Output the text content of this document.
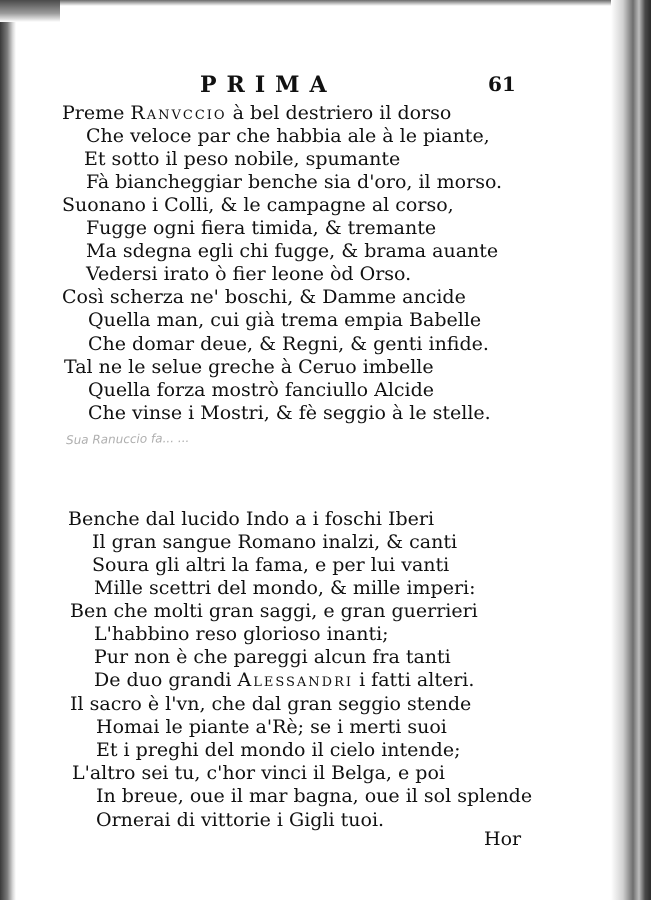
PRIMA	61
Preme Ranvccio à bel destriero il dorso
Che veloce par che habbia ale à le piante,
Et sotto il peso nobile, spumante
Fà biancheggiar benche sia d'oro, il morso.
Suonano i Colli, & le campagne al corso,
Fugge ogni fiera timida, & tremante
Ma sdegna egli chi fugge, & brama auante
Vedersi irato ò fier leone òd Orso.
Così scherza ne' boschi, & Damme ancide
Quella man, cui già trema empia Babelle
Che domar deue, & Regni, & genti infide.
Tal ne le selue greche à Ceruo imbelle
Quella forza mostrò fanciullo Alcide
Che vinse i Mostri, & fè seggio à le stelle.
Sua Ranuccio fa... ...
Benche dal lucido Indo a i foschi Iberi
Il gran sangue Romano inalzi, & canti
Soura gli altri la fama, e per lui vanti
Mille scettri del mondo, & mille imperi:
Ben che molti gran saggi, e gran guerrieri
L'habbino reso glorioso inanti;
Pur non è che pareggi alcun fra tanti
De duo grandi Alessandri i fatti alteri.
Il sacro è l'vn, che dal gran seggio stende
Homai le piante a'Rè; se i merti suoi
Et i preghi del mondo il cielo intende;
L'altro sei tu, c'hor vinci il Belga, e poi
In breue, oue il mar bagna, oue il sol splende
Ornerai di vittorie i Gigli tuoi.
Hor
